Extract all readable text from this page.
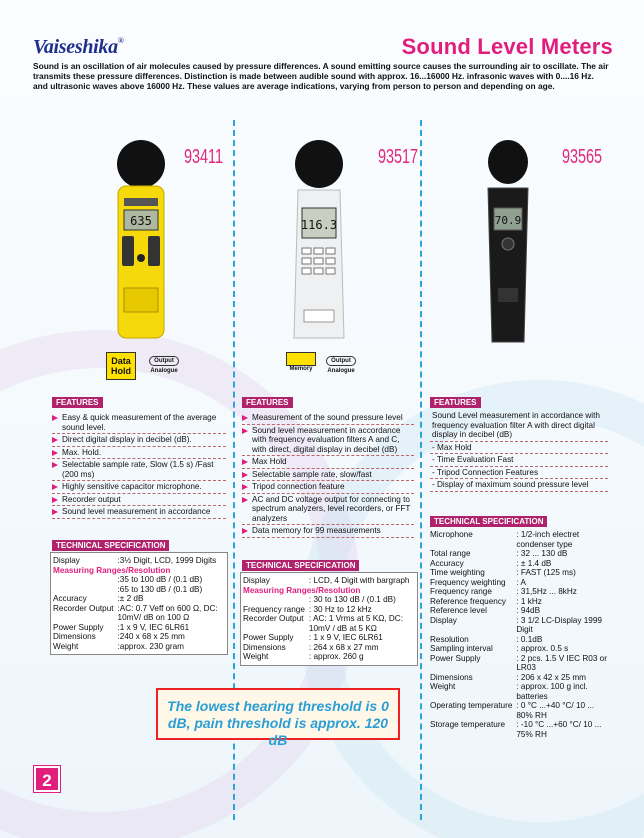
Vaiseshika®	Sound Level Meters
Sound is an oscillation of air molecules caused by pressure differences. A sound emitting source causes the surrounding air to oscillate. The air transmits these pressure differences. Distinction is made between audible sound with approx. 16...16000 Hz. infrasonic waves with 0....16 Hz. and ultrasonic waves above 16000 Hz. These values are average indications, varying from person to person and depending on age.
93411
635
Data Hold
Output
Analogue
FEATURES
Easy & quick measurement of the average sound level.
Direct digital display in decibel (dB).
Max. Hold.
Selectable sample rate, Slow (1.5 s) /Fast (200 ms)
Highly sensitive capacitor microphone.
Recorder output
Sound level measurement in accordance
TECHNICAL SPECIFICATION
Display	:3½ Digit, LCD, 1999 Digits
Measuring Ranges/Resolution	
	:35 to 100 dB / (0.1 dB)
	:65 to 130 dB / (0.1 dB)
Accuracy	:± 2 dB
Recorder Output	:AC: 0.7 Veff on 600 Ω, DC: 10mV/ dB on 100 Ω
Power Supply	:1 x 9 V, IEC 6LR61
Dimensions	:240 x 68 x 25 mm
Weight	:approx. 230 gram
93517
116.3
Memory
Output
Analogue
FEATURES
Measurement of the sound pressure level
Sound level measurement in accordance with frequency evaluation filters A and C, with direct, digital display in decibel (dB)
Max Hold
Selectable sample rate, slow/fast
Tripod connection feature
AC and DC voltage output for connecting to spectrum analyzers, level recorders, or FFT analyzers
Data memory for 99 measurements
TECHNICAL SPECIFICATION
Display	: LCD, 4 Digit with bargraph
Measuring Ranges/Resolution	
	: 30 to 130 dB / (0.1 dB)
Frequency range	: 30 Hz to 12 kHz
Recorder Output	: AC: 1 Vrms at 5 KΩ, DC: 10mV / dB at 5 KΩ
Power Supply	: 1 x 9 V, IEC 6LR61
Dimensions	: 264 x 68 x 27 mm
Weight	: approx. 260 g
93565
70.9
FEATURES
Sound Level measurement in accordance with frequency evaluation filter A with direct digital display in decibel (dB)
- Max Hold
- Time Evaluation Fast
- Tripod Connection Features
- Display of maximum sound pressure level
TECHNICAL SPECIFICATION
Microphone	: 1/2-inch electret condenser type
Total range	: 32 ... 130 dB
Accuracy	: ± 1.4 dB
Time weighting	: FAST (125 ms)
Frequency weighting	: A
Frequency range	: 31,5Hz ... 8kHz
Reference frequency	: 1 kHz
Reference level	: 94dB
Display	: 3 1/2 LC-Display 1999 Digit
Resolution	: 0.1dB
Sampling interval	: approx. 0.5 s
Power Supply	: 2 pcs. 1.5 V IEC R03 or LR03
Dimensions	: 206 x 42 x 25 mm
Weight	: approx. 100 g incl. batteries
Operating temperature	: 0 °C ...+40 °C/ 10 ... 80% RH
Storage temperature	: -10 °C ...+60 °C/ 10 ... 75% RH
The lowest hearing threshold is 0 dB, pain threshold is approx. 120 dB
2
